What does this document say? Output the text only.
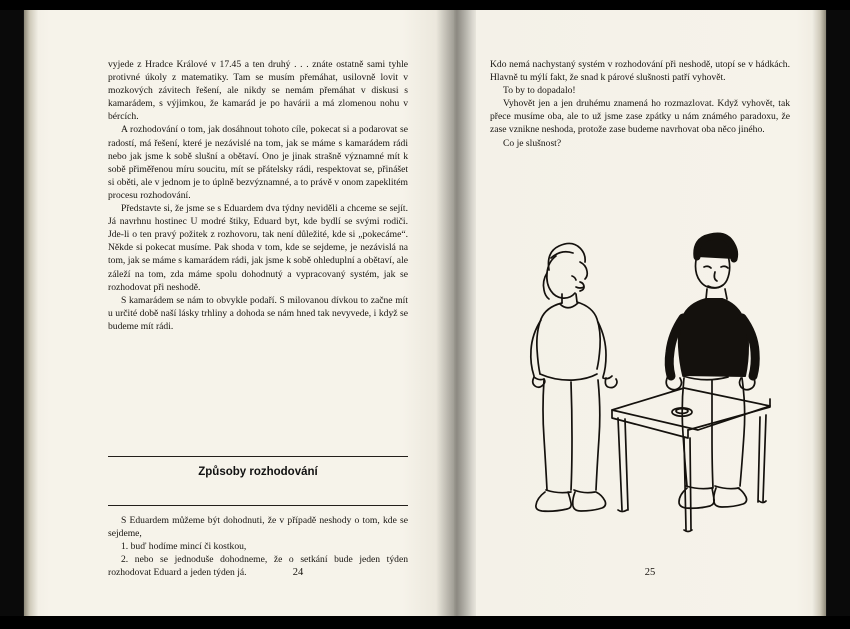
vyjede z Hradce Králové v 17.45 a ten druhý . . . znáte ostatně sami tyhle protivné úkoly z matematiky. Tam se musím přemáhat, usilovně lovit v mozkových závitech řešení, ale nikdy se nemám přemáhat v diskusi s kamarádem, s výjimkou, že kamarád je po havárii a má zlomenou nohu v bércích.

A rozhodování o tom, jak dosáhnout tohoto cíle, pokecat si a podarovat se radostí, má řešení, které je nezávislé na tom, jak se máme s kamarádem rádi nebo jak jsme k sobě slušní a obětaví. Ono je jinak strašně významné mít k sobě přiměřenou míru soucitu, mít se přátelsky rádi, respektovat se, přinášet si oběti, ale v jednom je to úplně bezvýznamné, a to právě v onom zapeklitém procesu rozhodování.

Představte si, že jsme se s Eduardem dva týdny neviděli a chceme se sejít. Já navrhnu hostinec U modré štiky, Eduard byt, kde bydlí se svými rodiči. Jde-li o ten pravý požitek z rozhovoru, tak není důležité, kde si „pokecáme“. Někde si pokecat musíme. Pak shoda v tom, kde se sejdeme, je nezávislá na tom, jak se máme s kamarádem rádi, jak jsme k sobě ohleduplní a obětaví, ale záleží na tom, zda máme spolu dohodnutý a vypracovaný systém, jak se rozhodovat při neshodě.

S kamarádem se nám to obvykle podaří. S milovanou dívkou to začne mít u určité době naší lásky trhliny a dohoda se nám hned tak nevyvede, i když se budeme mít rádi.

Způsoby rozhodování

S Eduardem můžeme být dohodnuti, že v případě neshody o tom, kde se sejdeme,

1. buď hodíme mincí či kostkou,

2. nebo se jednoduše dohodneme, že o setkání bude jeden týden rozhodovat Eduard a jeden týden já.	24

Kdo nemá nachystaný systém v rozhodování při neshodě, utopí se v hádkách. Hlavně tu mýlí fakt, že snad k párové slušnosti patří vyhovět.

To by to dopadalo!

Vyhovět jen a jen druhému znamená ho rozmazlovat. Když vyhovět, tak přece musíme oba, ale to už jsme zase zpátky u nám známého paradoxu, že zase vznikne neshoda, protože zase budeme navrhovat oba něco jiného.

Co je slušnost?

25
